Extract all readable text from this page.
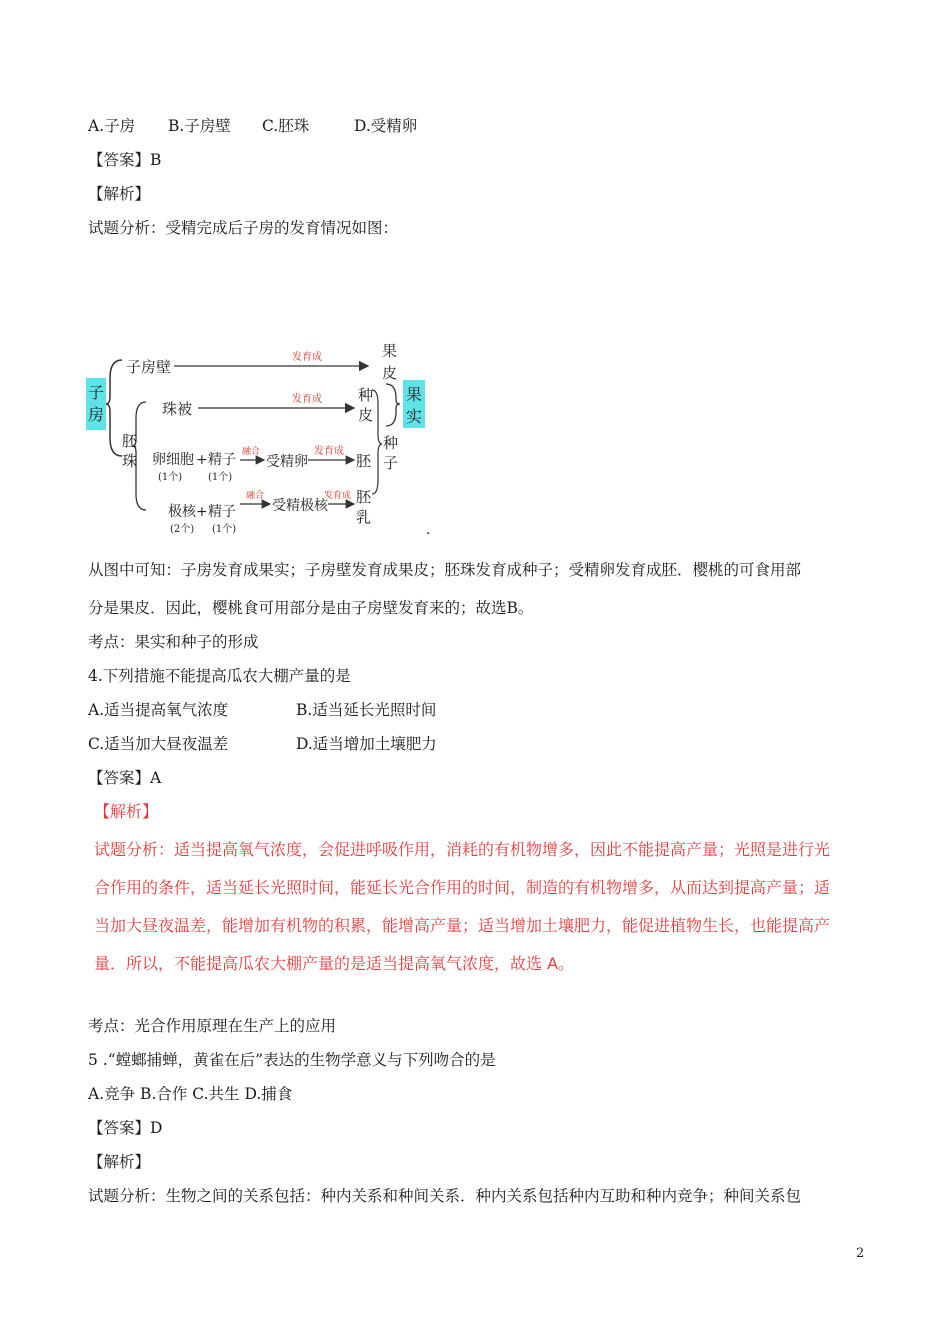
A.子房 B.子房壁 C.胚珠	D.受精卵
【答案】B
【解析】
试题分析：受精完成后子房的发育情况如图：
子房
子房壁
发育成	果
皮
果
实
胚
珠
珠被
发育成 种
皮
种
子
卵细胞 + 精子
(1个)	(1个)
融合
受精卵
发育成
胚
极核 + 精子
(2个) (1个)
融合
受精极核
发育成 胚
乳
.
从图中可知：子房发育成果实；子房壁发育成果皮；胚珠发育成种子；受精卵发育成胚．樱桃的可食用部
分是果皮．因此，樱桃食可用部分是由子房壁发育来的；故选B。
考点：果实和种子的形成
4.下列措施不能提高瓜农大棚产量的是
A.适当提高氧气浓度	B.适当延长光照时间
C.适当加大昼夜温差	D.适当增加土壤肥力
【答案】A
【解析】
试题分析：适当提高氧气浓度，会促进呼吸作用，消耗的有机物增多，因此不能提高产量；光照是进行光
合作用的条件，适当延长光照时间，能延长光合作用的时间，制造的有机物增多，从而达到提高产量；适
当加大昼夜温差，能增加有机物的积累，能增高产量；适当增加土壤肥力，能促进植物生长，也能提高产
量．所以，不能提高瓜农大棚产量的是适当提高氧气浓度，故选 A。
考点：光合作用原理在生产上的应用
5 .“螳螂捕蝉，黄雀在后”表达的生物学意义与下列吻合的是
A.竞争 B.合作 C.共生 D.捕食
【答案】D
【解析】
试题分析：生物之间的关系包括：种内关系和种间关系．种内关系包括种内互助和种内竞争；种间关系包
2
